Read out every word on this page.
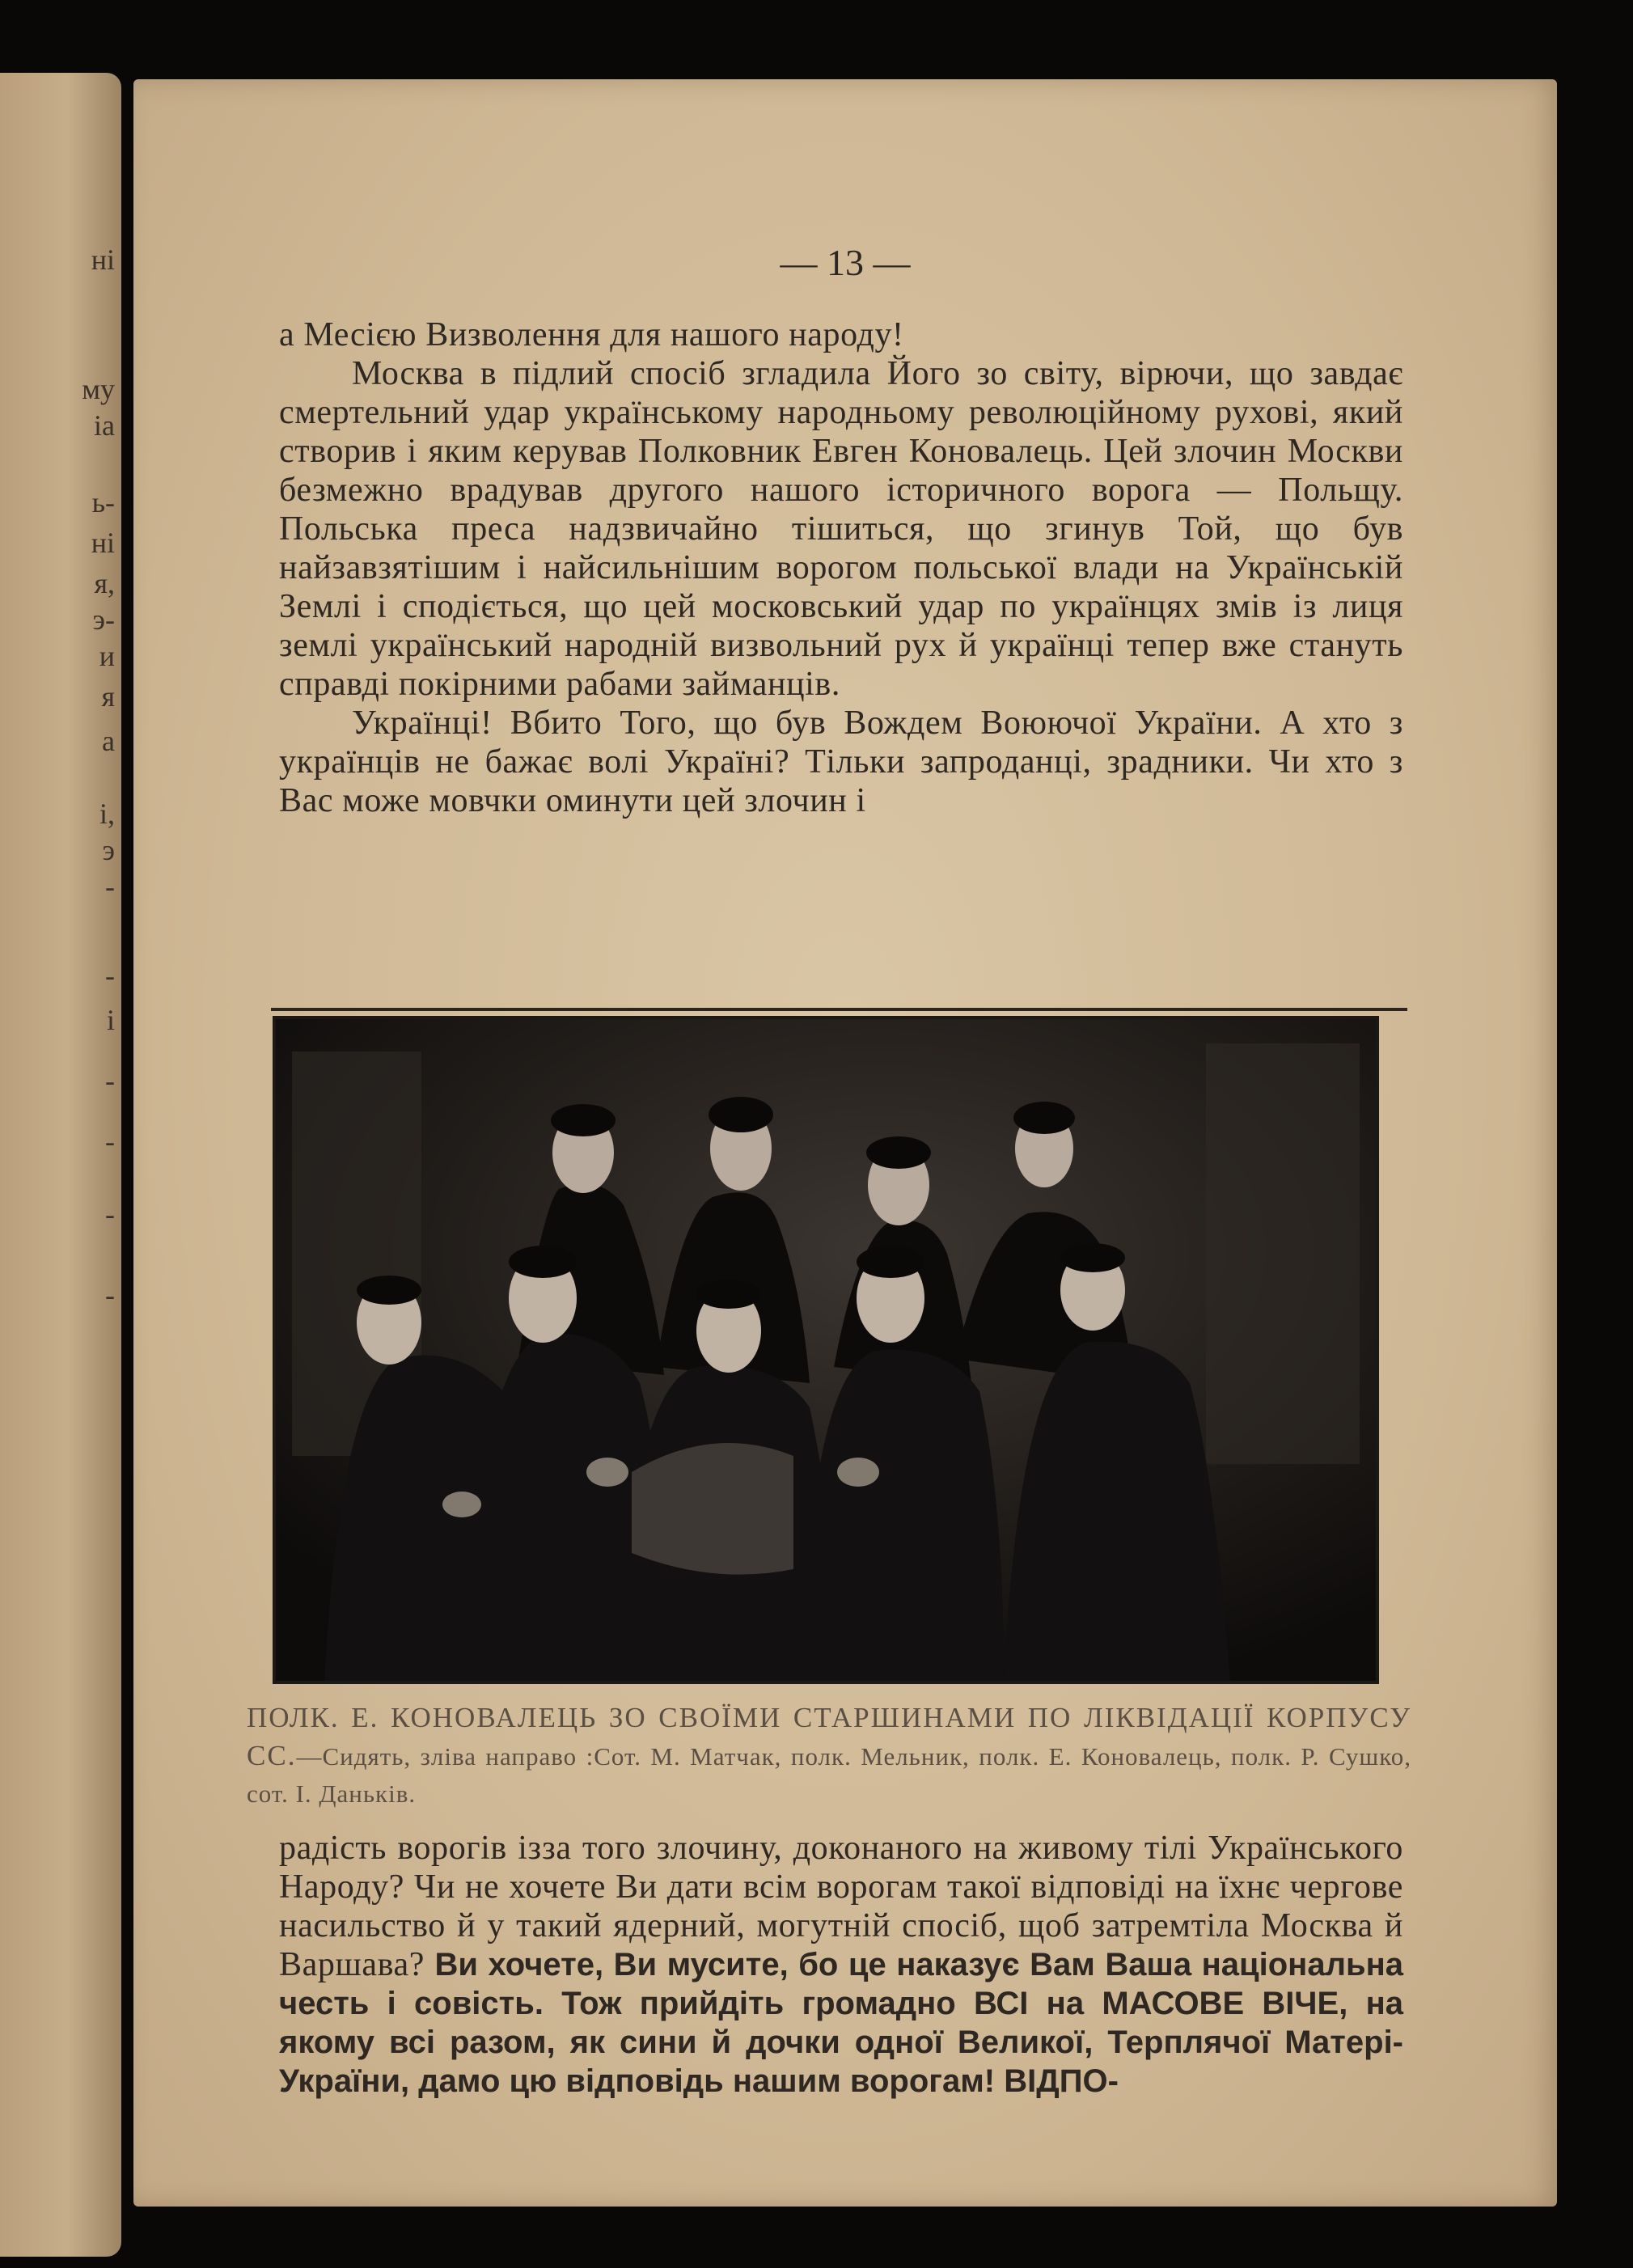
ні
му
іа
ь-
ні
я,
э-
и
я
а
і,
э
-
-
і
-
-
-
-
— 13 —

а Месією Визволення для нашого народу!

Москва в підлий спосіб згладила Його зо світу, вірючи, що завдає смертельний удар українському народньому революційному рухові, який створив і яким керував Полковник Евген Коновалець. Цей злочин Москви безмежно врадував другого нашого історичного ворога — Польщу. Польська преса надзвичайно тішиться, що згинув Той, що був найзавзятішим і найсильнішим ворогом польської влади на Українській Землі і сподіється, що цей московський удар по українцях змів із лиця землі український народній визвольний рух й українці тепер вже стануть справді покірними рабами займанців.

Українці! Вбито Того, що був Вождем Воюючої України. А хто з українців не бажає волі Україні? Тільки запроданці, зрадники. Чи хто з Вас може мовчки оминути цей злочин і

ПОЛК. Е. КОНОВАЛЕЦЬ ЗО СВОЇМИ СТАРШИНАМИ ПО ЛІКВІДАЦІЇ КОРПУСУ СС.—Сидять, зліва направо :Сот. М. Матчак, полк. Мельник, полк. Е. Коновалець, полк. Р. Сушко, сот. І. Даньків.

радість ворогів ізза того злочину, доконаного на живому тілі Українського Народу? Чи не хочете Ви дати всім ворогам такої відповіді на їхнє чергове насильство й у такий ядерний, могутній спосіб, щоб затремтіла Москва й Варшава? Ви хочете, Ви мусите, бо це наказує Вам Ваша національна честь і совість. Тож прийдіть громадно ВСІ на МАСОВЕ ВІЧЕ, на якому всі разом, як сини й дочки одної Великої, Терплячої Матері-України, дамо цю відповідь нашим ворогам! ВІДПО-
